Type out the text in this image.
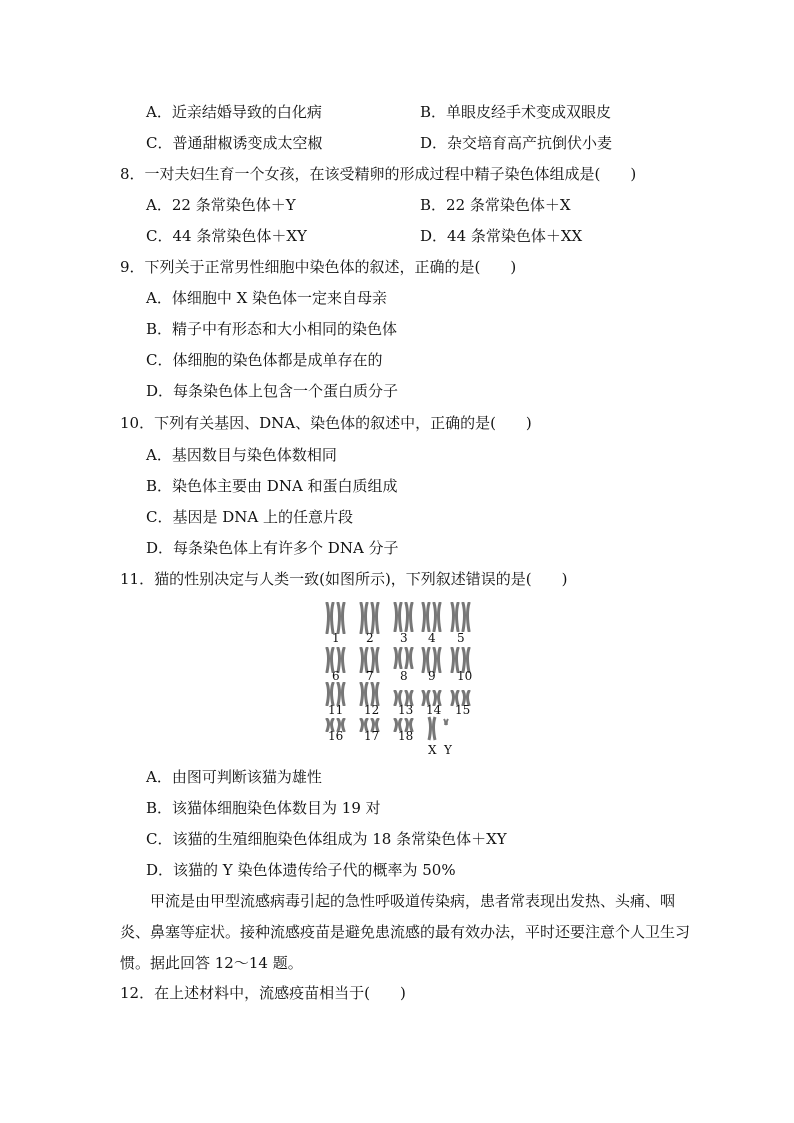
A．近亲结婚导致的白化病	B．单眼皮经手术变成双眼皮
C．普通甜椒诱变成太空椒	D．杂交培育高产抗倒伏小麦
8．一对夫妇生育一个女孩，在该受精卵的形成过程中精子染色体组成是(　　)
A．22 条常染色体＋Y	B．22 条常染色体＋X
C．44 条常染色体＋XY	D．44 条常染色体＋XX
9．下列关于正常男性细胞中染色体的叙述，正确的是(　　)
A．体细胞中 X 染色体一定来自母亲
B．精子中有形态和大小相同的染色体
C．体细胞的染色体都是成单存在的
D．每条染色体上包含一个蛋白质分子
10．下列有关基因、DNA、染色体的叙述中，正确的是(　　)
A．基因数目与染色体数相同
B．染色体主要由 DNA 和蛋白质组成
C．基因是 DNA 上的任意片段
D．每条染色体上有许多个 DNA 分子
11．猫的性别决定与人类一致(如图所示)，下列叙述错误的是(　　)
1 2 3 4 5
6 7 8 9 10
11 12 13 14 15
16 17 18
X Y
A．由图可判断该猫为雄性
B．该猫体细胞染色体数目为 19 对
C．该猫的生殖细胞染色体组成为 18 条常染色体＋XY
D．该猫的 Y 染色体遗传给子代的概率为 50%
甲流是由甲型流感病毒引起的急性呼吸道传染病，患者常表现出发热、头痛、咽炎、鼻塞等症状。接种流感疫苗是避免患流感的最有效办法，平时还要注意个人卫生习惯。据此回答 12～14 题。
12．在上述材料中，流感疫苗相当于(　　)
